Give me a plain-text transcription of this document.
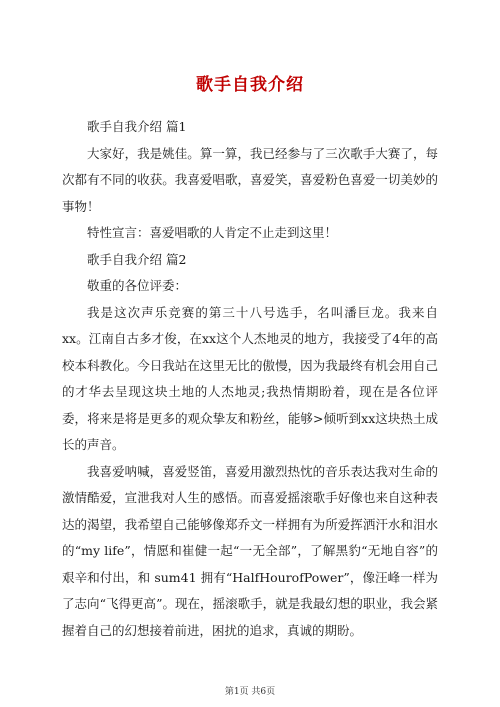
歌手自我介绍

歌手自我介绍 篇1

大家好，我是姚佳。算一算，我已经参与了三次歌手大赛了，每次都有不同的收获。我喜爱唱歌，喜爱笑，喜爱粉色喜爱一切美妙的事物！

特性宣言：喜爱唱歌的人肯定不止走到这里！

歌手自我介绍 篇2

敬重的各位评委：

我是这次声乐竞赛的第三十八号选手，名叫潘巨龙。我来自xx。江南自古多才俊，在xx这个人杰地灵的地方，我接受了4年的高校本科教化。今日我站在这里无比的傲慢，因为我最终有机会用自己的才华去呈现这块土地的人杰地灵;我热情期盼着，现在是各位评委，将来是将是更多的观众挚友和粉丝，能够>倾听到xx这块热土成长的声音。

我喜爱呐喊，喜爱竖笛，喜爱用激烈热忱的音乐表达我对生命的激情酷爱，宣泄我对人生的感悟。而喜爱摇滚歌手好像也来自这种表达的渴望，我希望自己能够像郑乔文一样拥有为所爱挥洒汗水和泪水的“my life”，情愿和崔健一起“一无全部”，了解黑豹“无地自容”的艰辛和付出，和 sum41 拥有“HalfHourofPower”，像汪峰一样为了志向“飞得更高”。现在，摇滚歌手，就是我最幻想的职业，我会紧握着自己的幻想接着前进，困扰的追求，真诚的期盼。

第1页 共6页
